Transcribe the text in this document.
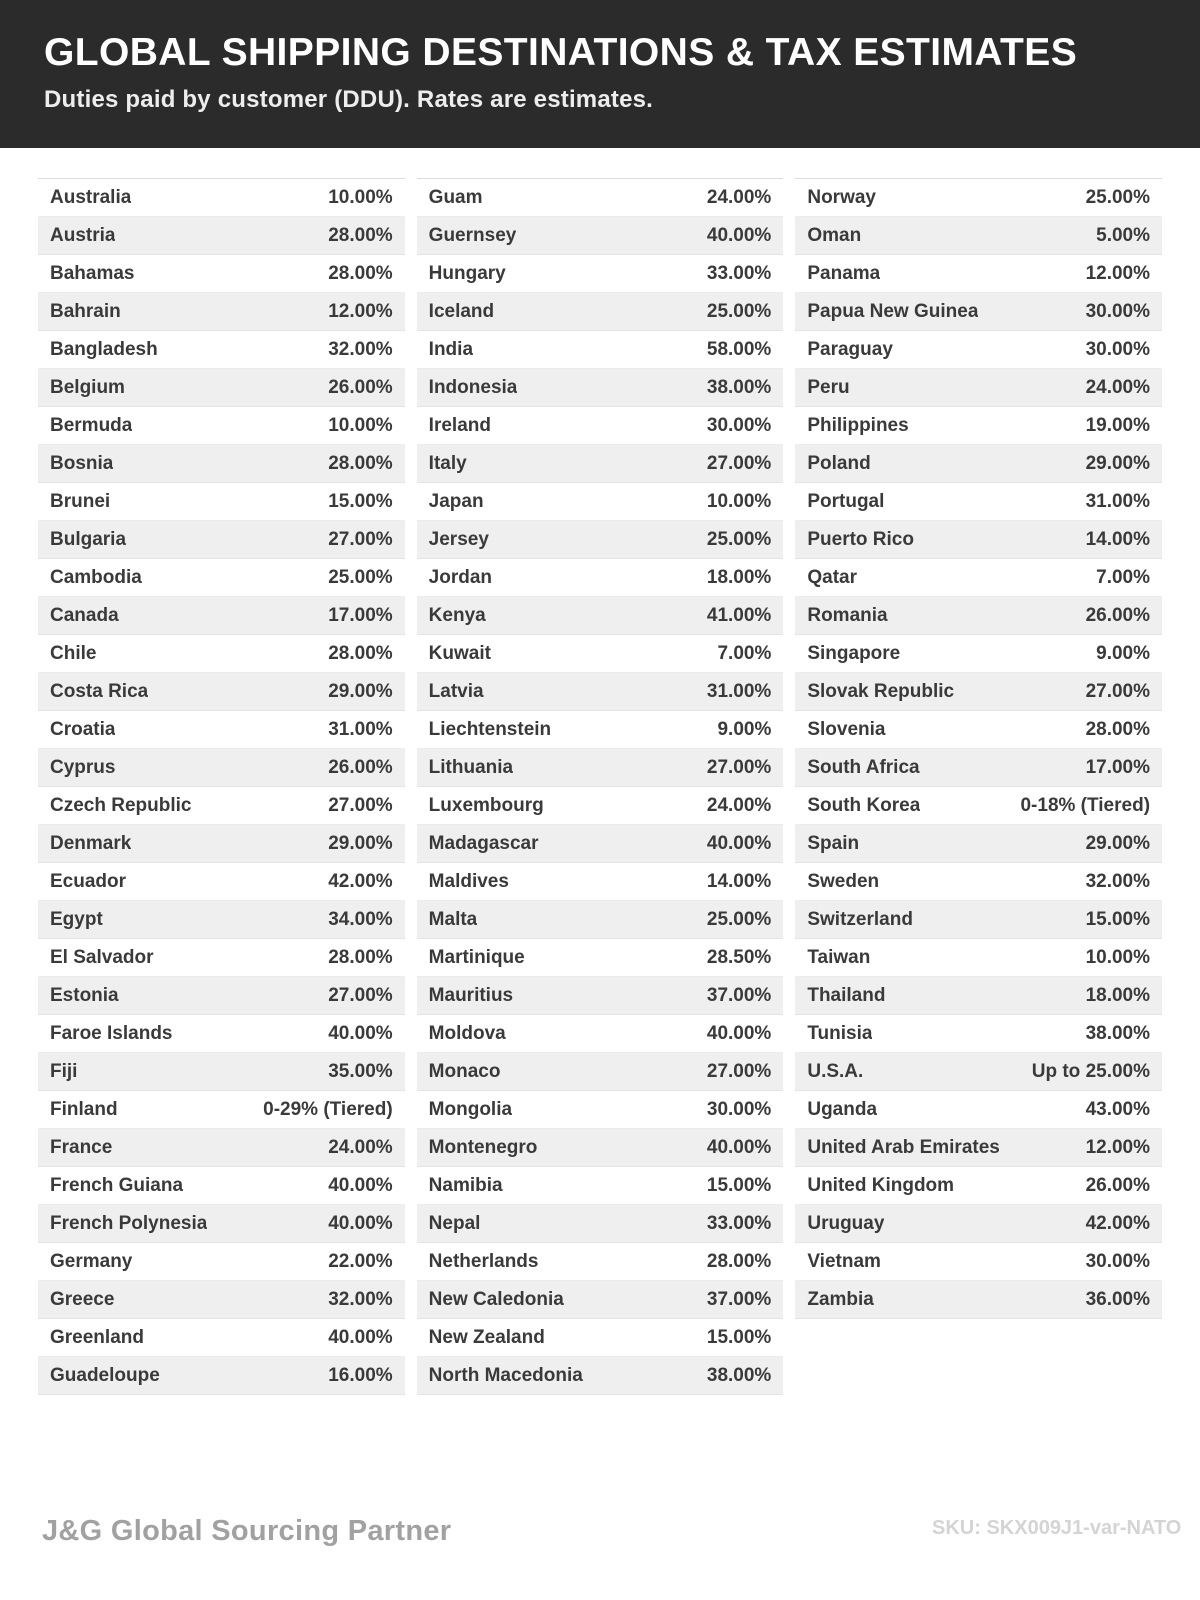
GLOBAL SHIPPING DESTINATIONS & TAX ESTIMATES

Duties paid by customer (DDU). Rates are estimates.

Australia	10.00%
Austria	28.00%
Bahamas	28.00%
Bahrain	12.00%
Bangladesh	32.00%
Belgium	26.00%
Bermuda	10.00%
Bosnia	28.00%
Brunei	15.00%
Bulgaria	27.00%
Cambodia	25.00%
Canada	17.00%
Chile	28.00%
Costa Rica	29.00%
Croatia	31.00%
Cyprus	26.00%
Czech Republic	27.00%
Denmark	29.00%
Ecuador	42.00%
Egypt	34.00%
El Salvador	28.00%
Estonia	27.00%
Faroe Islands	40.00%
Fiji	35.00%
Finland	0-29% (Tiered)
France	24.00%
French Guiana	40.00%
French Polynesia	40.00%
Germany	22.00%
Greece	32.00%
Greenland	40.00%
Guadeloupe	16.00%
Guam	24.00%
Guernsey	40.00%
Hungary	33.00%
Iceland	25.00%
India	58.00%
Indonesia	38.00%
Ireland	30.00%
Italy	27.00%
Japan	10.00%
Jersey	25.00%
Jordan	18.00%
Kenya	41.00%
Kuwait	7.00%
Latvia	31.00%
Liechtenstein	9.00%
Lithuania	27.00%
Luxembourg	24.00%
Madagascar	40.00%
Maldives	14.00%
Malta	25.00%
Martinique	28.50%
Mauritius	37.00%
Moldova	40.00%
Monaco	27.00%
Mongolia	30.00%
Montenegro	40.00%
Namibia	15.00%
Nepal	33.00%
Netherlands	28.00%
New Caledonia	37.00%
New Zealand	15.00%
North Macedonia	38.00%
Norway	25.00%
Oman	5.00%
Panama	12.00%
Papua New Guinea	30.00%
Paraguay	30.00%
Peru	24.00%
Philippines	19.00%
Poland	29.00%
Portugal	31.00%
Puerto Rico	14.00%
Qatar	7.00%
Romania	26.00%
Singapore	9.00%
Slovak Republic	27.00%
Slovenia	28.00%
South Africa	17.00%
South Korea	0-18% (Tiered)
Spain	29.00%
Sweden	32.00%
Switzerland	15.00%
Taiwan	10.00%
Thailand	18.00%
Tunisia	38.00%
U.S.A.	Up to 25.00%
Uganda	43.00%
United Arab Emirates	12.00%
United Kingdom	26.00%
Uruguay	42.00%
Vietnam	30.00%
Zambia	36.00%
J&G Global Sourcing Partner	SKU: SKX009J1-var-NATO
